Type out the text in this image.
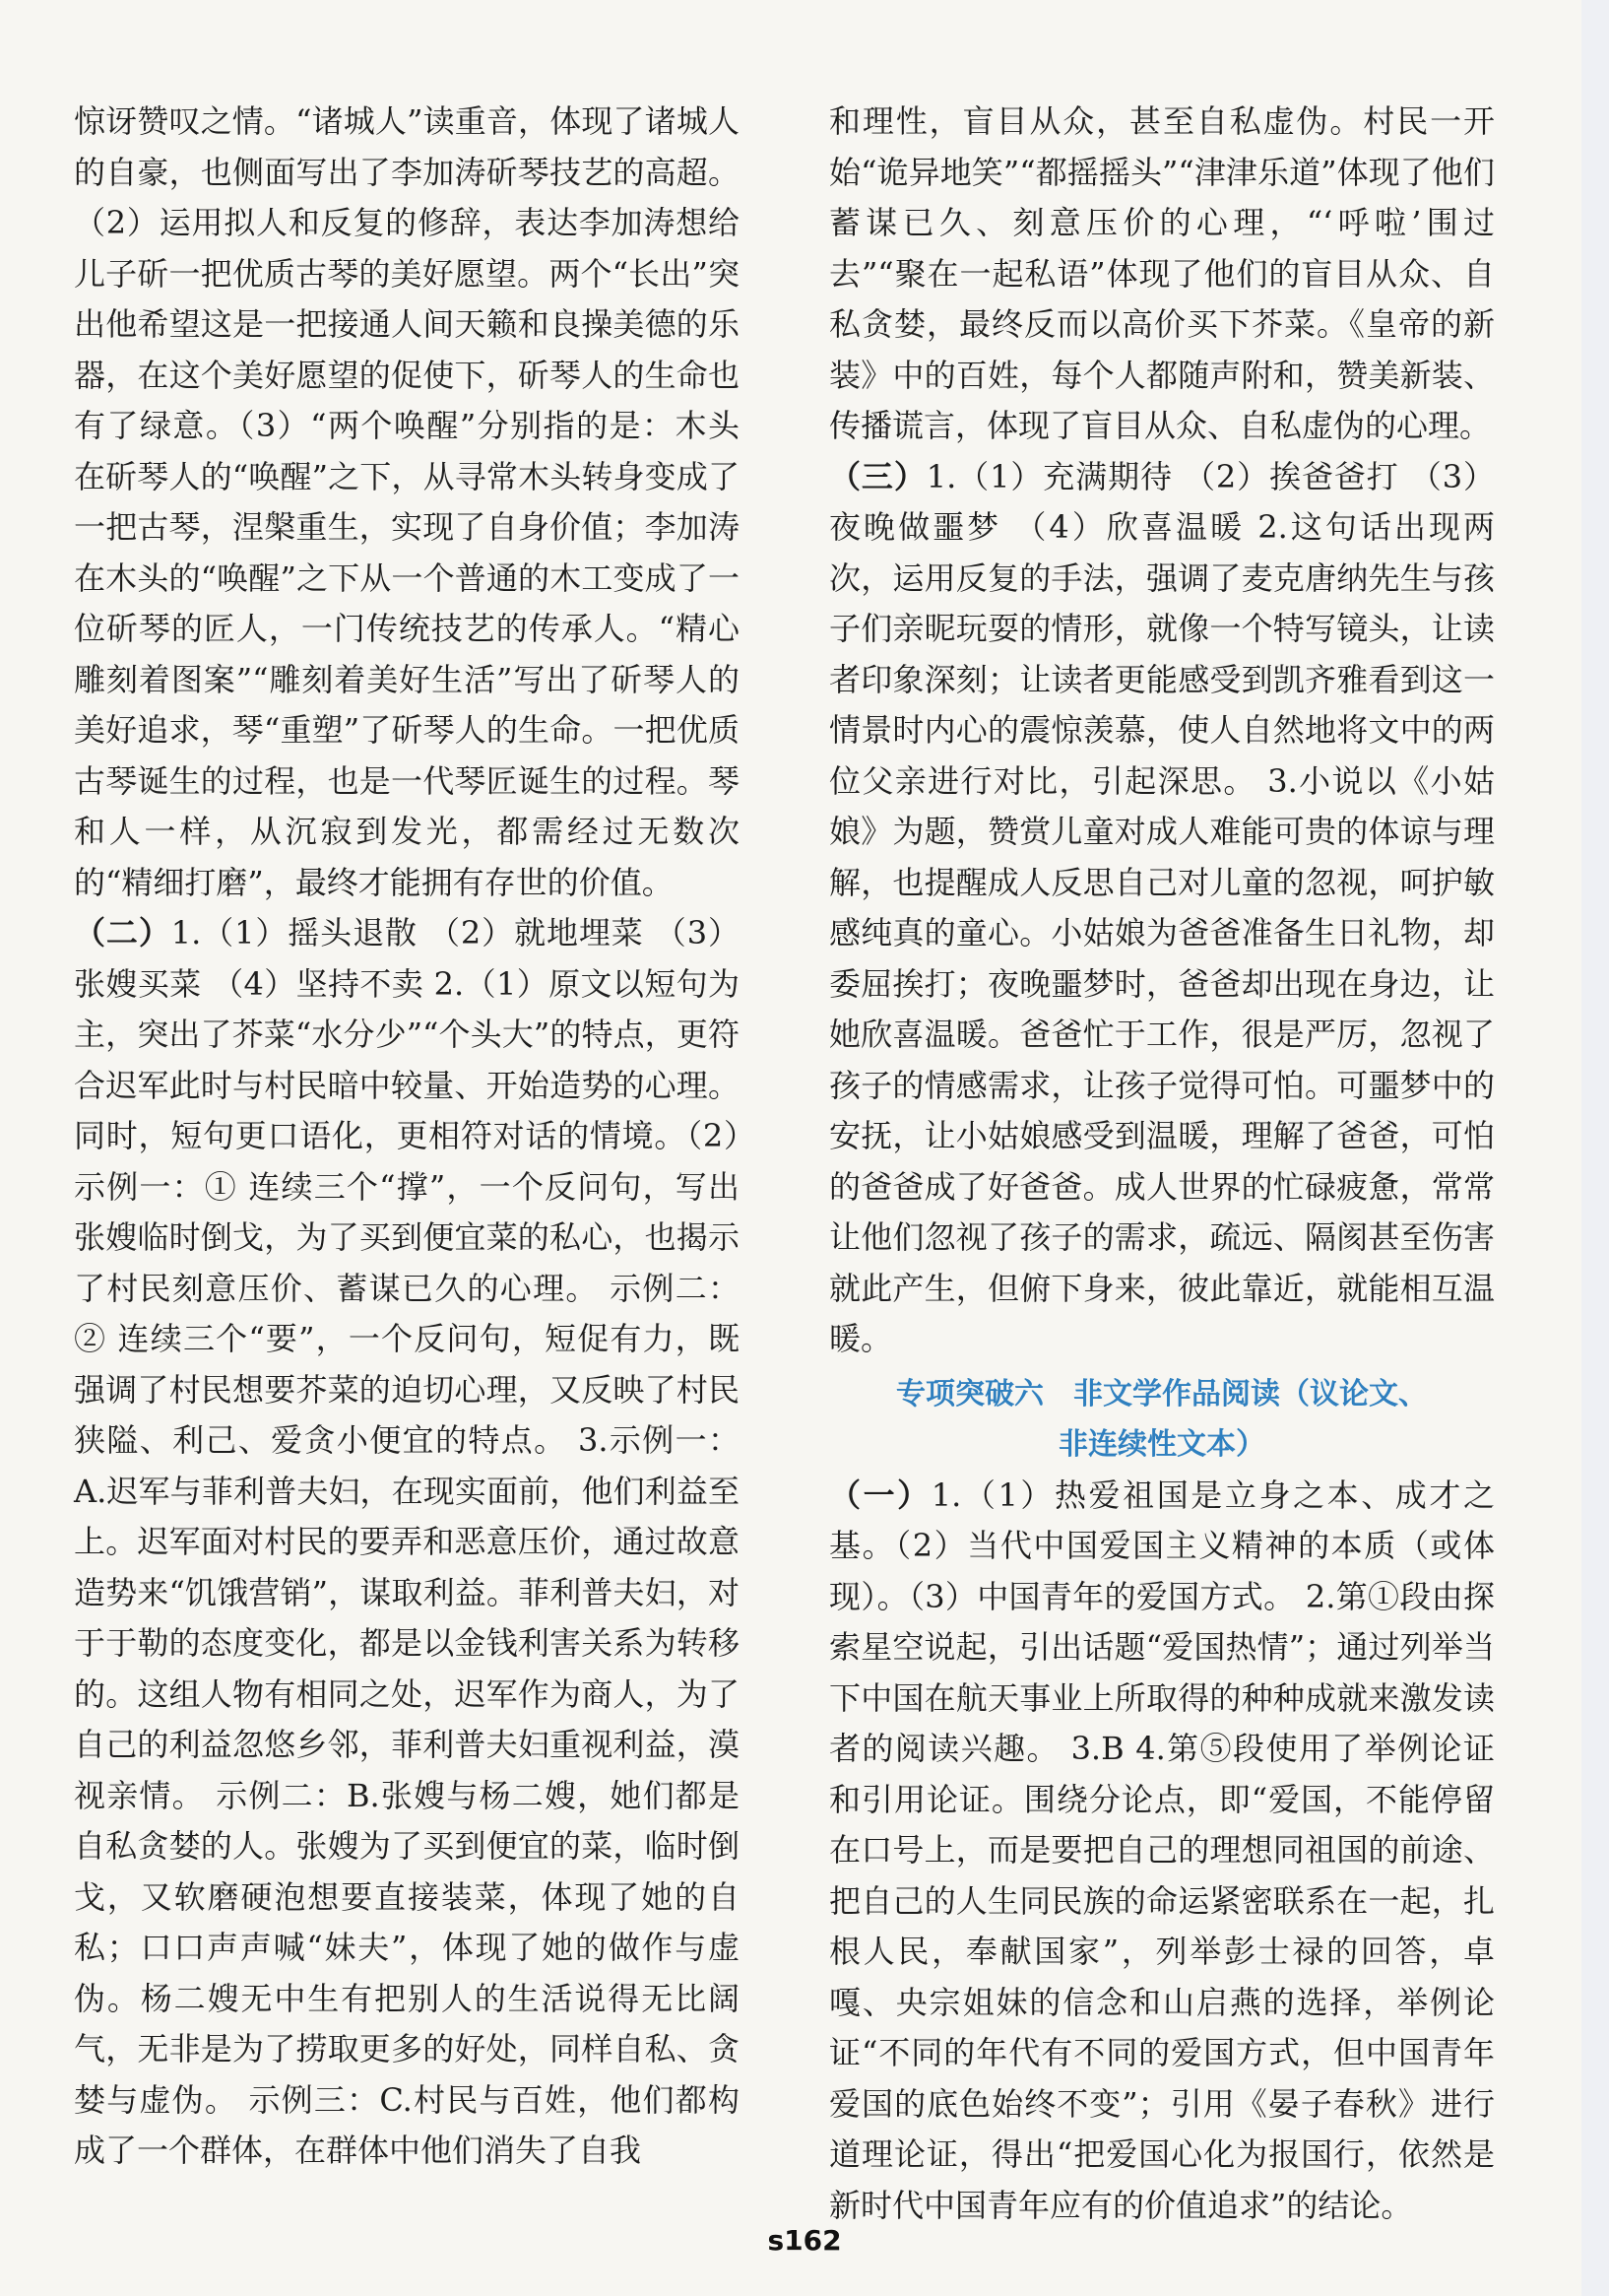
惊讶赞叹之情。“诸城人”读重音，体现了诸城人的自豪，也侧面写出了李加涛斫琴技艺的高超。（2）运用拟人和反复的修辞，表达李加涛想给儿子斫一把优质古琴的美好愿望。两个“长出”突出他希望这是一把接通人间天籁和良操美德的乐器，在这个美好愿望的促使下，斫琴人的生命也有了绿意。（3）“两个唤醒”分别指的是：木头在斫琴人的“唤醒”之下，从寻常木头转身变成了一把古琴，涅槃重生，实现了自身价值；李加涛在木头的“唤醒”之下从一个普通的木工变成了一位斫琴的匠人，一门传统技艺的传承人。“精心雕刻着图案”“雕刻着美好生活”写出了斫琴人的美好追求，琴“重塑”了斫琴人的生命。一把优质古琴诞生的过程，也是一代琴匠诞生的过程。琴和人一样，从沉寂到发光，都需经过无数次的“精细打磨”，最终才能拥有存世的价值。

（二）1.（1）摇头退散 （2）就地埋菜 （3）张嫂买菜 （4）坚持不卖 2.（1）原文以短句为主，突出了芥菜“水分少”“个头大”的特点，更符合迟军此时与村民暗中较量、开始造势的心理。同时，短句更口语化，更相符对话的情境。（2）示例一：① 连续三个“撑”，一个反问句，写出张嫂临时倒戈，为了买到便宜菜的私心，也揭示了村民刻意压价、蓄谋已久的心理。 示例二：② 连续三个“要”，一个反问句，短促有力，既强调了村民想要芥菜的迫切心理，又反映了村民狭隘、利己、爱贪小便宜的特点。 3.示例一：A.迟军与菲利普夫妇，在现实面前，他们利益至上。迟军面对村民的要弄和恶意压价，通过故意造势来“饥饿营销”，谋取利益。菲利普夫妇，对于于勒的态度变化，都是以金钱利害关系为转移的。这组人物有相同之处，迟军作为商人，为了自己的利益忽悠乡邻，菲利普夫妇重视利益，漠视亲情。 示例二：B.张嫂与杨二嫂，她们都是自私贪婪的人。张嫂为了买到便宜的菜，临时倒戈，又软磨硬泡想要直接装菜，体现了她的自私；口口声声喊“妹夫”，体现了她的做作与虚伪。杨二嫂无中生有把别人的生活说得无比阔气，无非是为了捞取更多的好处，同样自私、贪婪与虚伪。 示例三：C.村民与百姓，他们都构成了一个群体，在群体中他们消失了自我

和理性，盲目从众，甚至自私虚伪。村民一开始“诡异地笑”“都摇摇头”“津津乐道”体现了他们蓄谋已久、刻意压价的心理，“‘呼啦’围过去”“聚在一起私语”体现了他们的盲目从众、自私贪婪，最终反而以高价买下芥菜。《皇帝的新装》中的百姓，每个人都随声附和，赞美新装、传播谎言，体现了盲目从众、自私虚伪的心理。

（三）1.（1）充满期待 （2）挨爸爸打 （3）夜晚做噩梦 （4）欣喜温暖 2.这句话出现两次，运用反复的手法，强调了麦克唐纳先生与孩子们亲昵玩耍的情形，就像一个特写镜头，让读者印象深刻；让读者更能感受到凯齐雅看到这一情景时内心的震惊羡慕，使人自然地将文中的两位父亲进行对比，引起深思。 3.小说以《小姑娘》为题，赞赏儿童对成人难能可贵的体谅与理解，也提醒成人反思自己对儿童的忽视，呵护敏感纯真的童心。小姑娘为爸爸准备生日礼物，却委屈挨打；夜晚噩梦时，爸爸却出现在身边，让她欣喜温暖。爸爸忙于工作，很是严厉，忽视了孩子的情感需求，让孩子觉得可怕。可噩梦中的安抚，让小姑娘感受到温暖，理解了爸爸，可怕的爸爸成了好爸爸。成人世界的忙碌疲惫，常常让他们忽视了孩子的需求，疏远、隔阂甚至伤害就此产生，但俯下身来，彼此靠近，就能相互温暖。

专项突破六　非文学作品阅读（议论文、
非连续性文本）

（一）1.（1）热爱祖国是立身之本、成才之基。（2）当代中国爱国主义精神的本质（或体现）。（3）中国青年的爱国方式。 2.第①段由探索星空说起，引出话题“爱国热情”；通过列举当下中国在航天事业上所取得的种种成就来激发读者的阅读兴趣。 3.B 4.第⑤段使用了举例论证和引用论证。围绕分论点，即“爱国，不能停留在口号上，而是要把自己的理想同祖国的前途、把自己的人生同民族的命运紧密联系在一起，扎根人民，奉献国家”，列举彭士禄的回答，卓嘎、央宗姐妹的信念和山启燕的选择，举例论证“不同的年代有不同的爱国方式，但中国青年爱国的底色始终不变”；引用《晏子春秋》进行道理论证，得出“把爱国心化为报国行，依然是新时代中国青年应有的价值追求”的结论。

s162
